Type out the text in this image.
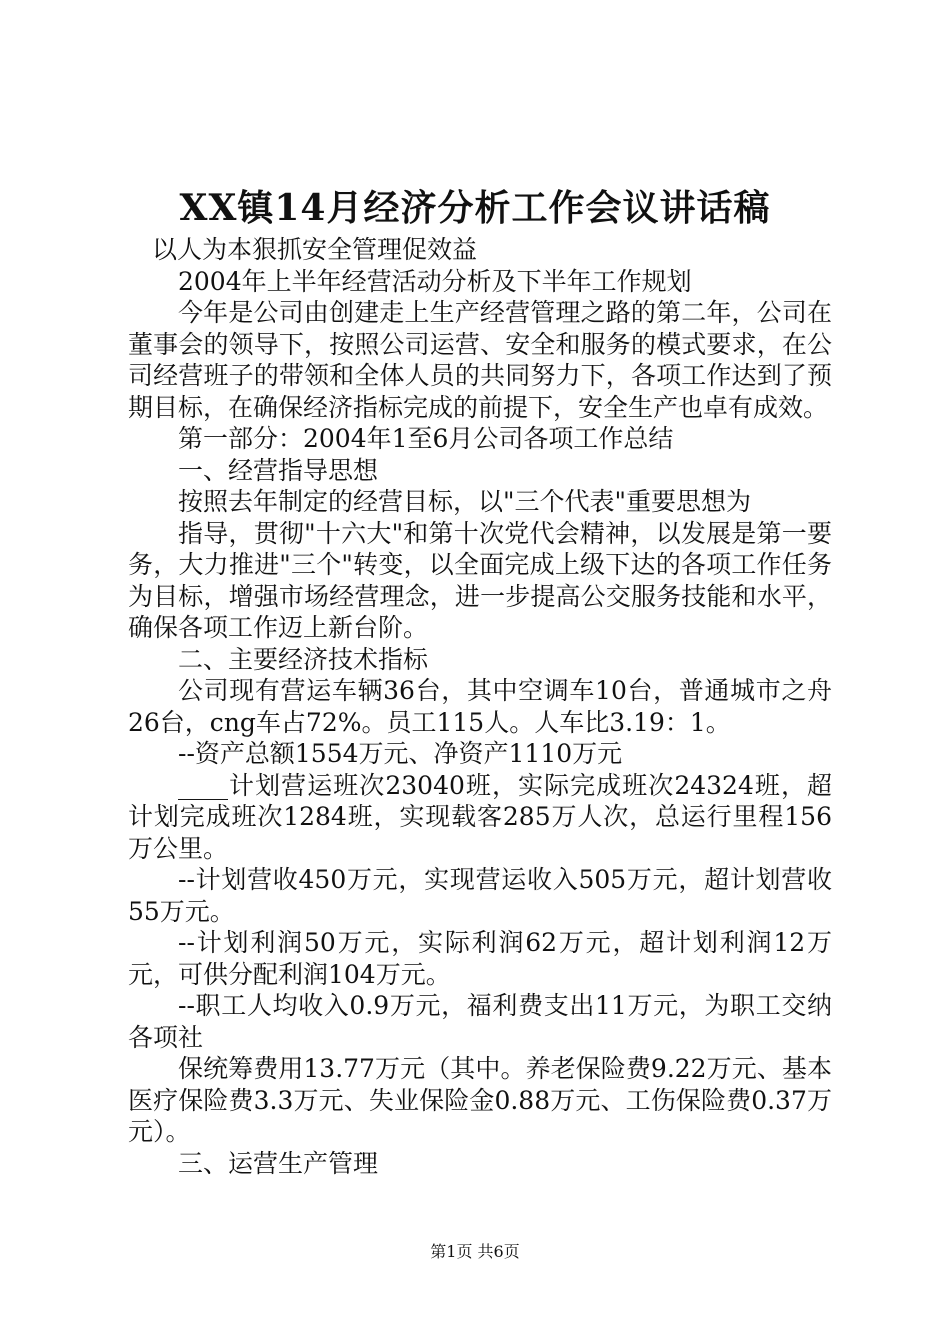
XX镇14月经济分析工作会议讲话稿

以人为本狠抓安全管理促效益

2004年上半年经营活动分析及下半年工作规划

今年是公司由创建走上生产经营管理之路的第二年，公司在董事会的领导下，按照公司运营、安全和服务的模式要求，在公司经营班子的带领和全体人员的共同努力下，各项工作达到了预期目标，在确保经济指标完成的前提下，安全生产也卓有成效。

第一部分：2004年1至6月公司各项工作总结

一、经营指导思想

按照去年制定的经营目标，以"三个代表"重要思想为

指导，贯彻"十六大"和第十次党代会精神，以发展是第一要务，大力推进"三个"转变，以全面完成上级下达的各项工作任务为目标，增强市场经营理念，进一步提高公交服务技能和水平，确保各项工作迈上新台阶。

二、主要经济技术指标

公司现有营运车辆36台，其中空调车10台，普通城市之舟26台，cng车占72%。员工115人。人车比3.19：1。

--资产总额1554万元、净资产1110万元

____计划营运班次23040班，实际完成班次24324班，超计划完成班次1284班，实现载客285万人次，总运行里程156万公里。

--计划营收450万元，实现营运收入505万元，超计划营收55万元。

--计划利润50万元，实际利润62万元，超计划利润12万元，可供分配利润104万元。

--职工人均收入0.9万元，福利费支出11万元，为职工交纳各项社

保统筹费用13.77万元（其中。养老保险费9.22万元、基本医疗保险费3.3万元、失业保险金0.88万元、工伤保险费0.37万元）。

三、运营生产管理

第1页 共6页
